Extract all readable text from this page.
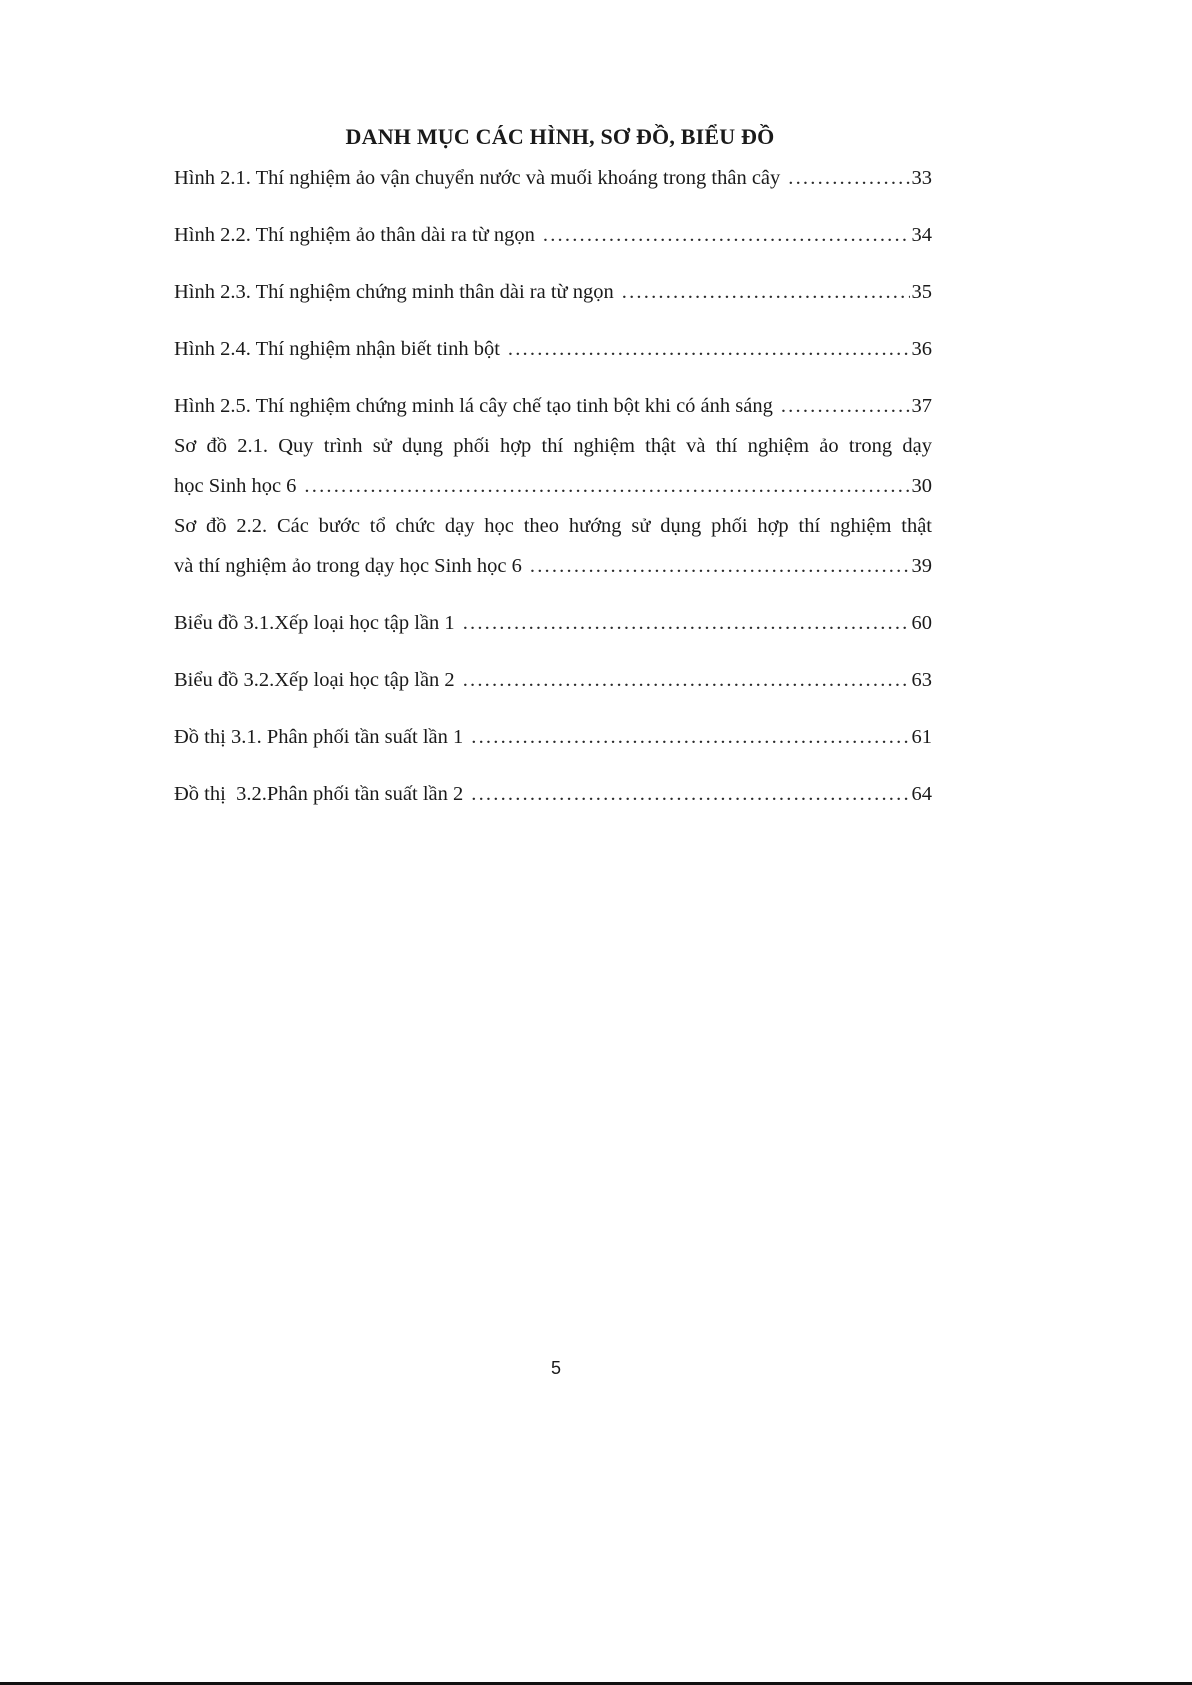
DANH MỤC CÁC HÌNH, SƠ ĐỒ, BIỂU ĐỒ
Hình 2.1. Thí nghiệm ảo vận chuyển nước và muối khoáng trong thân cây .....	33
Hình 2.2. Thí nghiệm ảo thân dài ra từ ngọn .....	34
Hình 2.3. Thí nghiệm chứng minh thân dài ra từ ngọn .....	35
Hình 2.4. Thí nghiệm nhận biết tinh bột .....	36
Hình 2.5. Thí nghiệm chứng minh lá cây chế tạo tinh bột khi có ánh sáng .....	37
Sơ đồ 2.1. Quy trình sử dụng phối hợp thí nghiệm thật và thí nghiệm ảo trong dạy
học Sinh học 6 .....	30
Sơ đồ 2.2. Các bước tổ chức dạy học theo hướng sử dụng phối hợp thí nghiệm thật
và thí nghiệm ảo trong dạy học Sinh học 6 .....	39
Biểu đồ 3.1.Xếp loại học tập lần 1 .....	60
Biểu đồ 3.2.Xếp loại học tập lần 2 .....	63
Đồ thị 3.1. Phân phối tần suất lần 1 .....	61
Đồ thị  3.2.Phân phối tần suất lần 2 .....	64
5
